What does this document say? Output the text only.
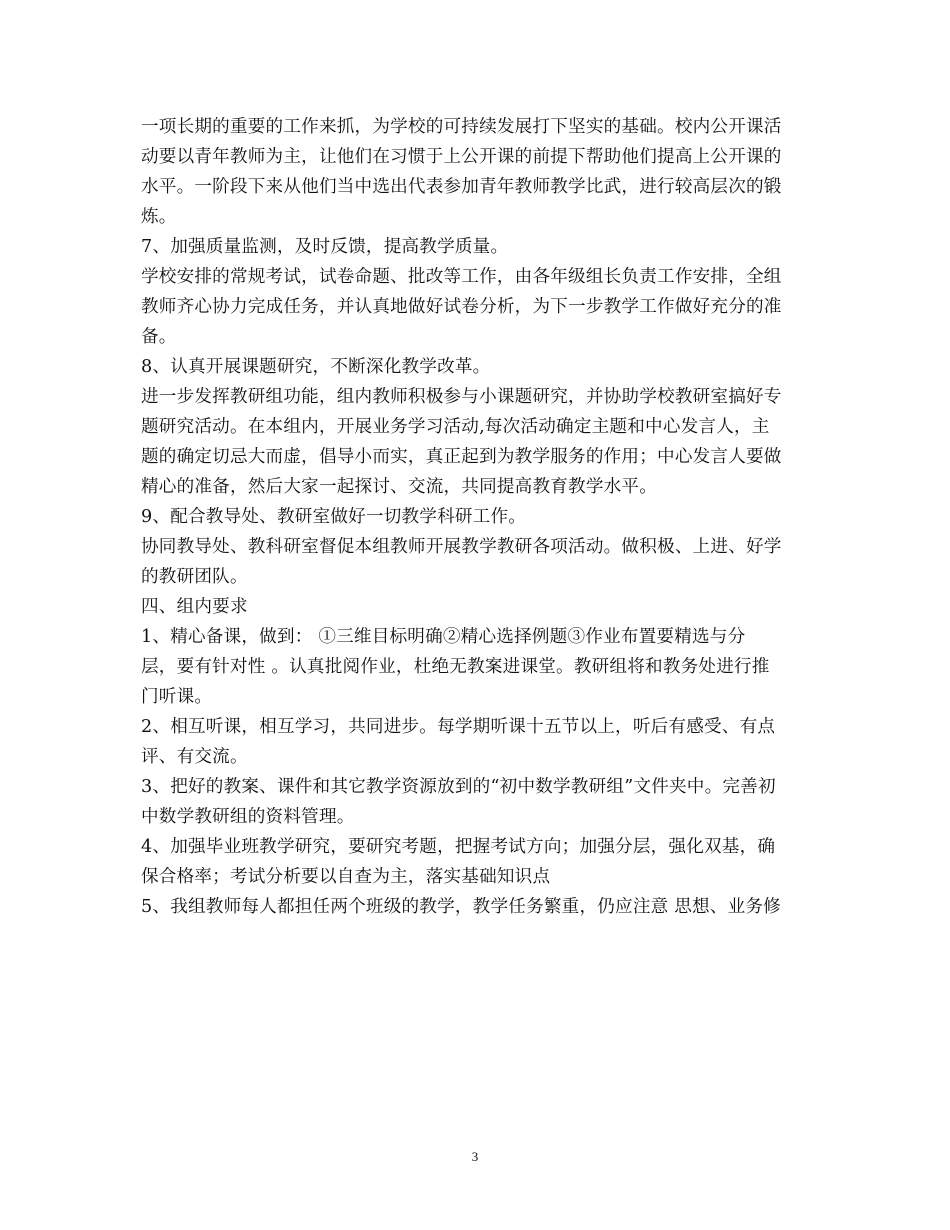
一项长期的重要的工作来抓，为学校的可持续发展打下坚实的基础。校内公开课活
动要以青年教师为主，让他们在习惯于上公开课的前提下帮助他们提高上公开课的
水平。一阶段下来从他们当中选出代表参加青年教师教学比武，进行较高层次的锻
炼。
7、加强质量监测，及时反馈，提高教学质量。
学校安排的常规考试，试卷命题、批改等工作，由各年级组长负责工作安排，全组
教师齐心协力完成任务，并认真地做好试卷分析，为下一步教学工作做好充分的准
备。
8、认真开展课题研究，不断深化教学改革。
进一步发挥教研组功能，组内教师积极参与小课题研究，并协助学校教研室搞好专
题研究活动。在本组内，开展业务学习活动,每次活动确定主题和中心发言人，主
题的确定切忌大而虚，倡导小而实，真正起到为教学服务的作用；中心发言人要做
精心的准备，然后大家一起探讨、交流，共同提高教育教学水平。
9、配合教导处、教研室做好一切教学科研工作。
协同教导处、教科研室督促本组教师开展教学教研各项活动。做积极、上进、好学
的教研团队。
四、组内要求
1、精心备课，做到： ①三维目标明确②精心选择例题③作业布置要精选与分
层，要有针对性 。认真批阅作业，杜绝无教案进课堂。教研组将和教务处进行推
门听课。
2、相互听课，相互学习，共同进步。每学期听课十五节以上，听后有感受、有点
评、有交流。
3、把好的教案、课件和其它教学资源放到的“初中数学教研组”文件夹中。完善初
中数学教研组的资料管理。
4、加强毕业班教学研究，要研究考题，把握考试方向；加强分层，强化双基，确
保合格率；考试分析要以自查为主，落实基础知识点
5、我组教师每人都担任两个班级的教学，教学任务繁重，仍应注意 思想、业务修
3
